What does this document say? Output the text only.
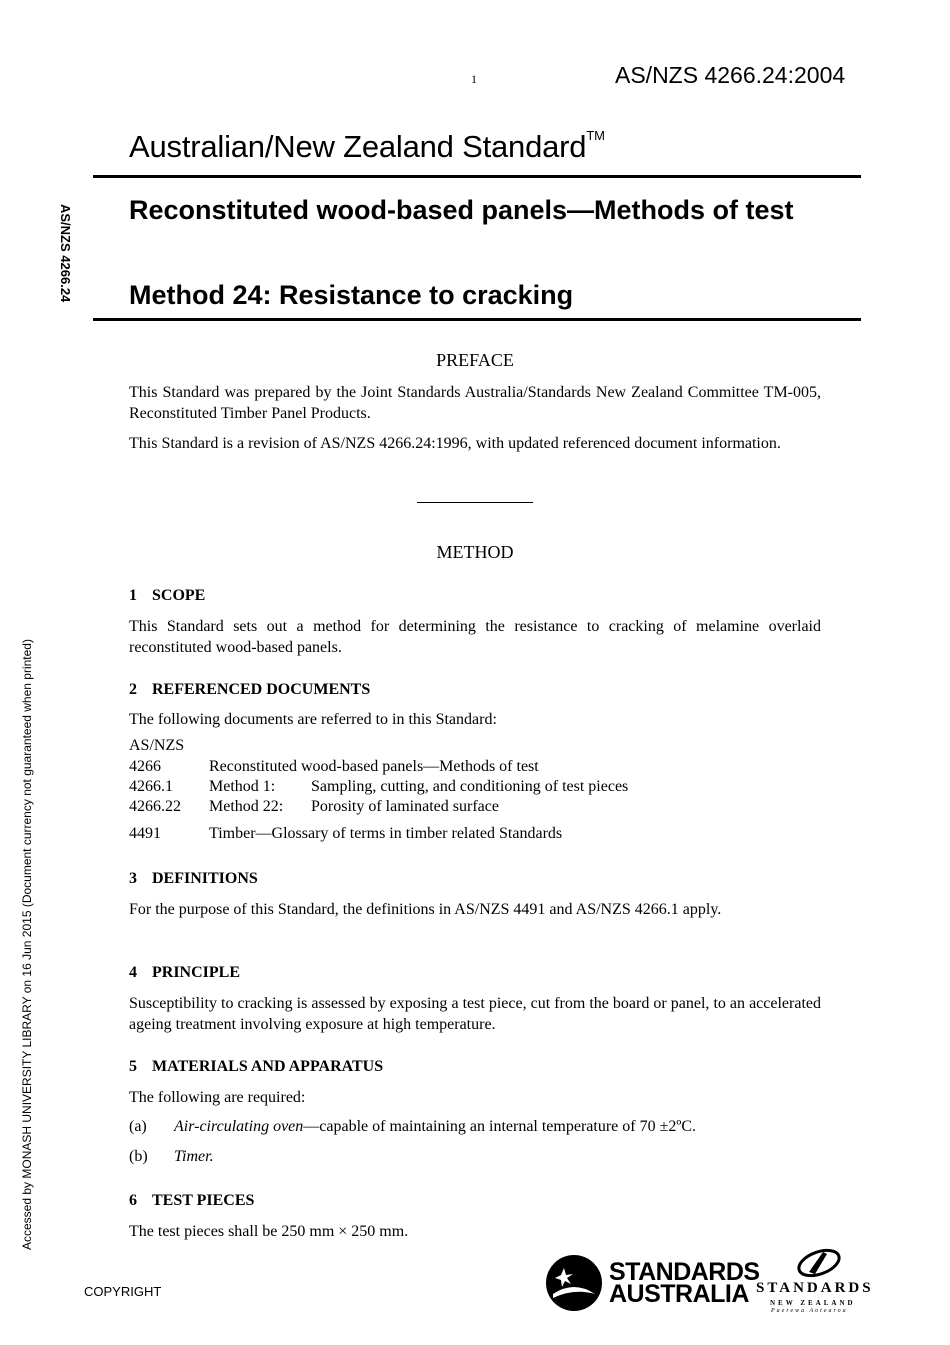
1	AS/NZS 4266.24:2004
Australian/New Zealand Standard™
Reconstituted wood-based panels—Methods of test
Method 24: Resistance to cracking
AS/NZS 4266.24
Accessed by MONASH UNIVERSITY LIBRARY on 16 Jun 2015 (Document currency not guaranteed when printed)
PREFACE
This Standard was prepared by the Joint Standards Australia/Standards New Zealand Committee TM-005, Reconstituted Timber Panel Products.
This Standard is a revision of AS/NZS 4266.24:1996, with updated referenced document information.
METHOD
1 SCOPE
This Standard sets out a method for determining the resistance to cracking of melamine overlaid reconstituted wood-based panels.
2 REFERENCED DOCUMENTS
The following documents are referred to in this Standard:
AS/NZS
4266	Reconstituted wood-based panels—Methods of test
4266.1 Method 1: Sampling, cutting, and conditioning of test pieces
4266.22 Method 22: Porosity of laminated surface
4491	Timber—Glossary of terms in timber related Standards
3 DEFINITIONS
For the purpose of this Standard, the definitions in AS/NZS 4491 and AS/NZS 4266.1 apply.
4 PRINCIPLE
Susceptibility to cracking is assessed by exposing a test piece, cut from the board or panel, to an accelerated ageing treatment involving exposure at high temperature.
5 MATERIALS AND APPARATUS
The following are required:
(a) Air-circulating oven—capable of maintaining an internal temperature of 70 ±2ºC.
(b) Timer.
6 TEST PIECES
The test pieces shall be 250 mm × 250 mm.
COPYRIGHT
STANDARDS
AUSTRALIA STANDARDS
NEW ZEALAND
Paerewa Aotearoa
